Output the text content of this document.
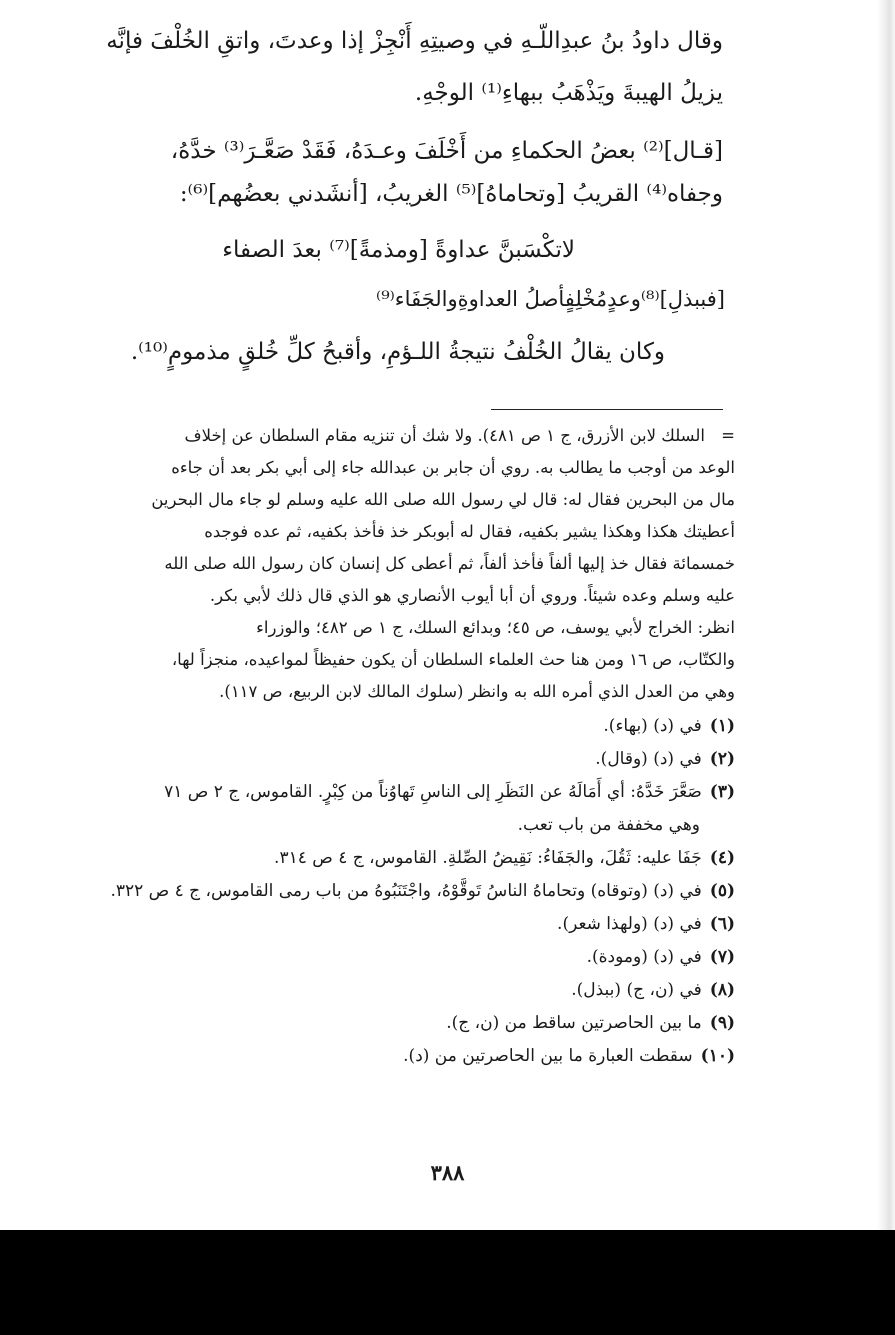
وقال داودُ بنُ عبدِاللّـهِ في وصيتِهِ أَنْجِزْ إذا وعدتَ، واتقِ الخُلْفَ فإنَّه
يزيلُ الهيبةَ ويَذْهَبُ ببهاءِ⁽¹⁾ الوجْهِ.
[قـال]⁽²⁾ بعضُ الحكماءِ من أَخْلَفَ وعـدَهُ، فَقَدْ صَعَّـرَ⁽³⁾ خدَّهُ،
وجفاه⁽⁴⁾ القريبُ [وتحاماهُ]⁽⁵⁾ الغريبُ، [أنشَدني بعضُهم]⁽⁶⁾:
لاتكْسَبنَّ عداوةً [ومذمةً]⁽⁷⁾ بعدَ الصفاء
[فببذلِ]⁽⁸⁾وعدٍمُخْلِفٍأصلُ العداوةِوالجَفَاء⁽⁹⁾
وكان يقالُ الخُلْفُ نتيجةُ اللـؤمِ، وأقبحُ كلِّ خُلقٍ مذمومٍ⁽¹⁰⁾.
=
السلك لابن الأزرق، ج ١ ص ٤٨١). ولا شك أن تنزيه مقام السلطان عن إخلاف
الوعد من أوجب ما يطالب به. روي أن جابر بن عبدالله جاء إلى أبي بكر بعد أن جاءه
مال من البحرين فقال له: قال لي رسول الله صلى الله عليه وسلم لو جاء مال البحرين
أعطيتك هكذا وهكذا يشير بكفيه، فقال له أبوبكر خذ فأخذ بكفيه، ثم عده فوجده
خمسمائة فقال خذ إليها ألفاً فأخذ ألفاً، ثم أعطى كل إنسان كان رسول الله صلى الله
عليه وسلم وعده شيئاً. وروي أن أبا أيوب الأنصاري هو الذي قال ذلك لأبي بكر.
انظر: الخراج لأبي يوسف، ص ٤٥؛ وبدائع السلك، ج ١ ص ٤٨٢؛ والوزراء
والكتّاب، ص ١٦ ومن هنا حث العلماء السلطان أن يكون حفيظاً لمواعيده، منجزاً لها،
وهي من العدل الذي أمره الله به وانظر (سلوك المالك لابن الربيع، ص ١١٧).
(١)في (د) (بهاء).
(٢)في (د) (وقال).
(٣)صَعَّرَ خَدَّهُ: أي أَمَالَهُ عن النَظَرِ إلى الناسِ تَهاوُناً من كِبْرٍ. القاموس، ج ٢ ص ٧١
وهي مخففة من باب تعب.
(٤)جَفَا عليه: ثَقُلَ، والجَفَاءُ: نَقِيضُ الصِّلةِ. القاموس، ج ٤ ص ٣١٤.
(٥)في (د) (وتوقاه) وتحاماهُ الناسُ تَوقَّوْهُ، واجْتَنَبُوهُ من باب رمى القاموس، ج ٤ ص ٣٢٢.
(٦)في (د) (ولهذا شعر).
(٧)في (د) (ومودة).
(٨)في (ن، ج) (ببذل).
(٩)ما بين الحاصرتين ساقط من (ن، ج).
(١٠)سقطت العبارة ما بين الحاصرتين من (د).
٣٨٨
